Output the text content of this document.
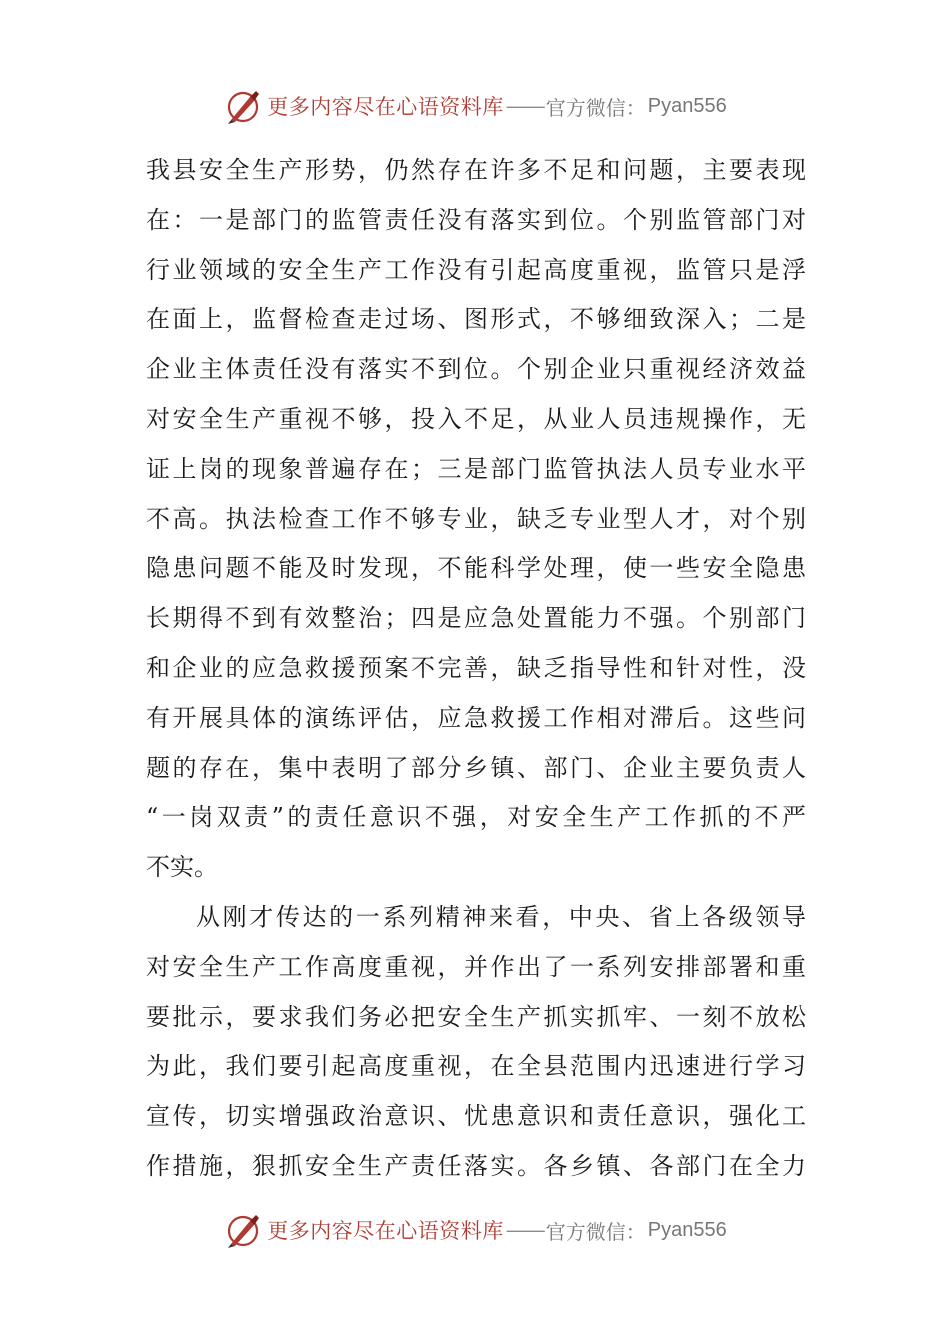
更多内容尽在心语资料库 —— 官方微信： Pyan556
我县安全生产形势，仍然存在许多不足和问题，主要表现
在：一是部门的监管责任没有落实到位。个别监管部门对
行业领域的安全生产工作没有引起高度重视，监管只是浮
在面上，监督检查走过场、图形式，不够细致深入；二是
企业主体责任没有落实不到位。个别企业只重视经济效益
对安全生产重视不够，投入不足，从业人员违规操作，无
证上岗的现象普遍存在；三是部门监管执法人员专业水平
不高。执法检查工作不够专业，缺乏专业型人才，对个别
隐患问题不能及时发现，不能科学处理，使一些安全隐患
长期得不到有效整治；四是应急处置能力不强。个别部门
和企业的应急救援预案不完善，缺乏指导性和针对性，没
有开展具体的演练评估，应急救援工作相对滞后。这些问
题的存在，集中表明了部分乡镇、部门、企业主要负责人
“一岗双责”的责任意识不强，对安全生产工作抓的不严
不实。
从刚才传达的一系列精神来看，中央、省上各级领导
对安全生产工作高度重视，并作出了一系列安排部署和重
要批示，要求我们务必把安全生产抓实抓牢、一刻不放松
为此，我们要引起高度重视，在全县范围内迅速进行学习
宣传，切实增强政治意识、忧患意识和责任意识，强化工
作措施，狠抓安全生产责任落实。各乡镇、各部门在全力
更多内容尽在心语资料库 —— 官方微信： Pyan556
